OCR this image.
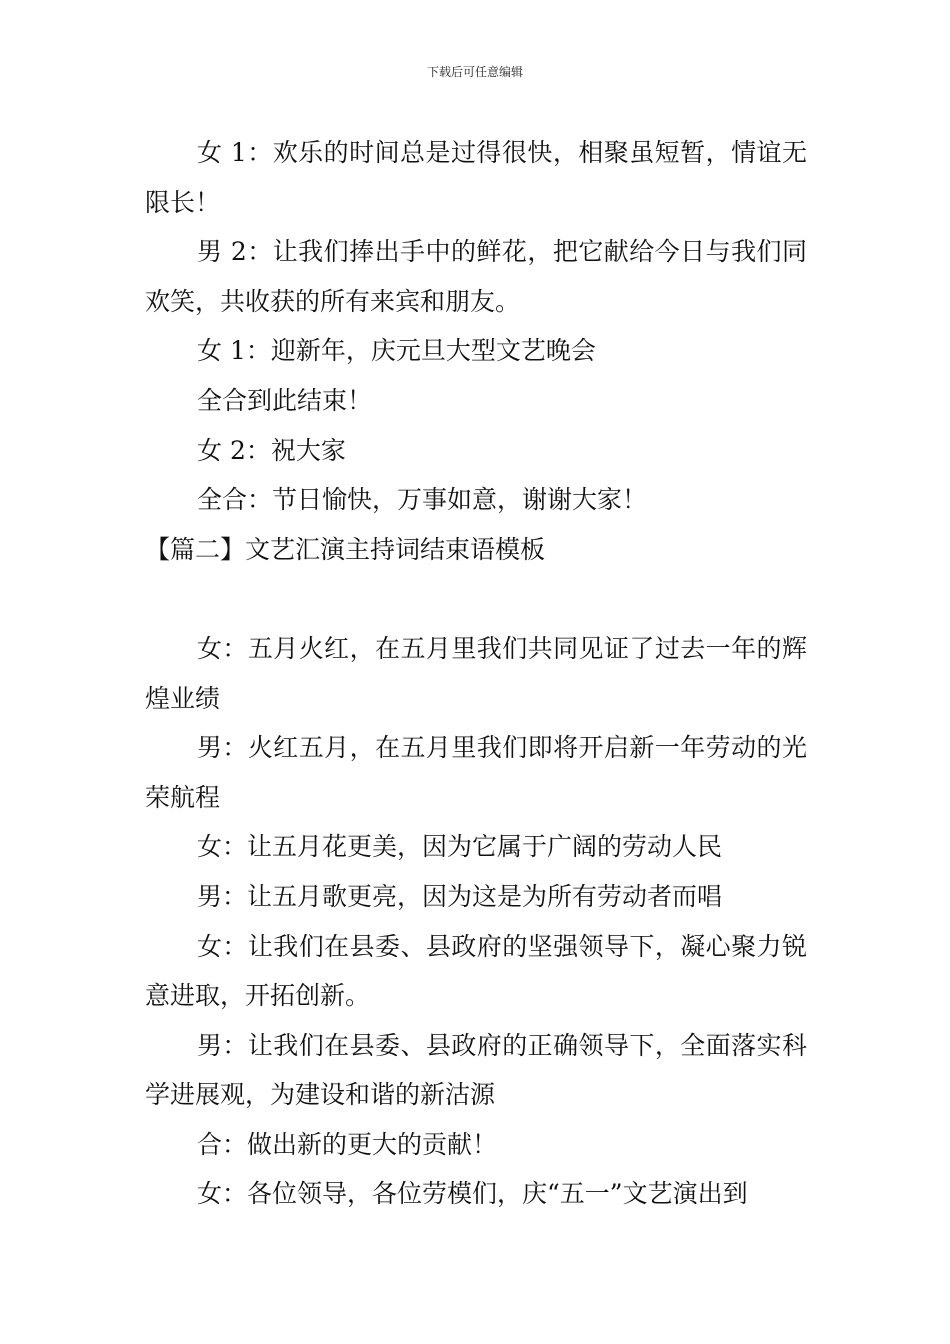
下载后可任意编辑

女 1：欢乐的时间总是过得很快，相聚虽短暂，情谊无限长！

男 2：让我们捧出手中的鲜花，把它献给今日与我们同欢笑，共收获的所有来宾和朋友。

女 1：迎新年，庆元旦大型文艺晚会

全合到此结束！

女 2：祝大家

全合：节日愉快，万事如意，谢谢大家！

【篇二】文艺汇演主持词结束语模板

女：五月火红，在五月里我们共同见证了过去一年的辉煌业绩

男：火红五月，在五月里我们即将开启新一年劳动的光荣航程

女：让五月花更美，因为它属于广阔的劳动人民

男：让五月歌更亮，因为这是为所有劳动者而唱

女：让我们在县委、县政府的坚强领导下，凝心聚力锐意进取，开拓创新。

男：让我们在县委、县政府的正确领导下，全面落实科学进展观，为建设和谐的新沽源

合：做出新的更大的贡献！

女：各位领导，各位劳模们，庆“五一”文艺演出到
